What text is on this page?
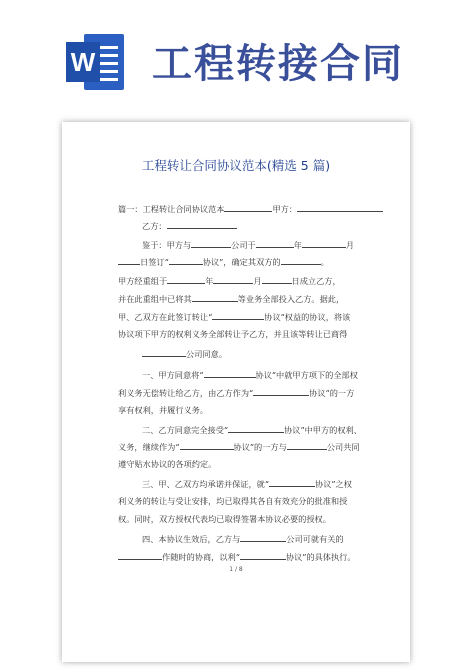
W 工程转接合同
工程转让合同协议范本(精选 5 篇)
篇一：工程转让合同协议范本	甲方：
乙方：
鉴于：甲方与	公司于	年	月
日签订“	协议”，确定其双方的	。
甲方经重组于	年	月	日成立乙方，
并在此重组中已将其	等业务全部投入乙方。据此，
甲、乙双方在此签订转让“	协议”权益的协议，将该
协议项下甲方的权利义务全部转让予乙方，并且该等转让已商得
公司同意。
一、甲方同意将“	协议”中就甲方项下的全部权
利义务无偿转让给乙方，由乙方作为“	协议”的一方
享有权利，并履行义务。
二、乙方同意完全接受“	协议”中甲方的权利、
义务，继续作为“	协议”的一方与	公司共同
遵守贴水协议的各项约定。
三、甲、乙双方均承诺并保证，就“	协议”之权
利义务的转让与受让安排，均已取得其各自有效充分的批准和授
权。同时，双方授权代表均已取得签署本协议必要的授权。
四、本协议生效后，乙方与	公司可就有关的
作随时的协商，以利“	协议”的具体执行。
1 / 8
